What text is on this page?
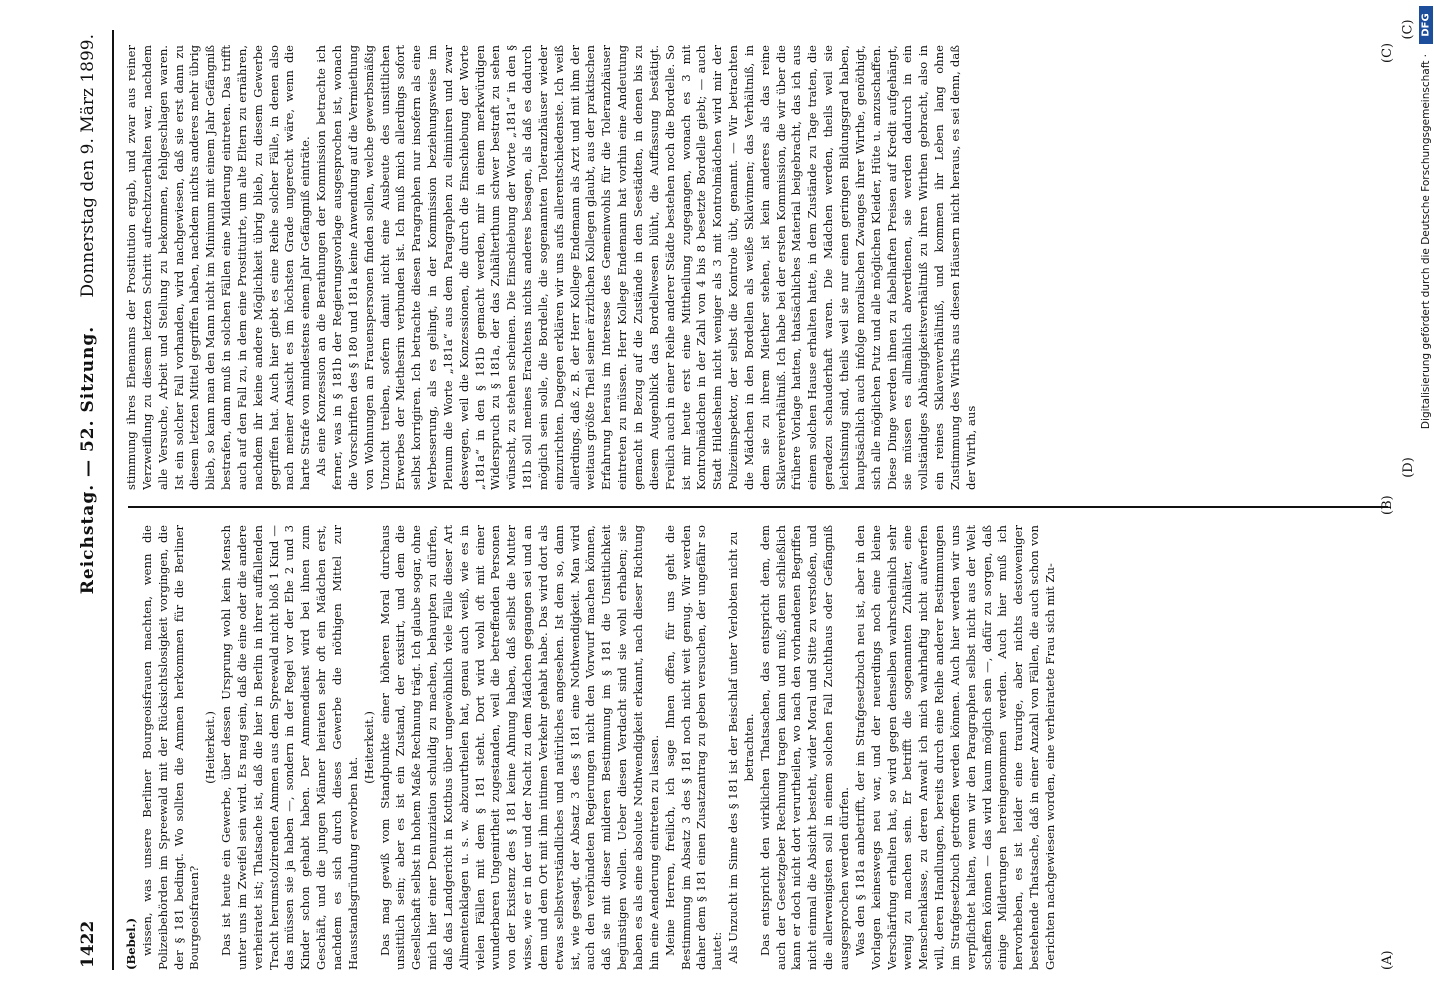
1422
Reichstag. — 52. Sitzung.
Donnerstag den 9. März 1899.

(Bebel.) wissen, was unsere Berliner Bourgeoisfrauen machten, wenn die Polizeibehörden im Spreewald mit der Rücksichtslosigkeit vorgingen, die der § 181 bedingt. Wo sollten die Ammen herkommen für die Berliner Bourgeoisfrauen?

(Heiterkeit.) Das ist heute ein Gewerbe, über dessen Ursprung wohl kein Mensch unter uns im Zweifel sein wird. Es mag sein, daß die eine oder die andere verheiratet ist; Thatsache ist, daß die hier in Berlin in ihrer auffallenden Tracht herumstolzirenden Ammen aus dem Spreewald nicht bloß 1 Kind — das müssen sie ja haben —, sondern in der Regel vor der Ehe 2 und 3 Kinder schon gehabt haben. Der Ammendienst wird bei ihnen zum Geschäft, und die jungen Männer heiraten sehr oft ein Mädchen erst, nachdem es sich durch dieses Gewerbe die nöthigen Mittel zur Hausstandsgründung erworben hat.

(Heiterkeit.) Das mag gewiß vom Standpunkte einer höheren Moral durchaus unsittlich sein; aber es ist ein Zustand, der existirt, und dem die Gesellschaft selbst in hohem Maße Rechnung trägt. Ich glaube sogar, ohne mich hier einer Denunziation schuldig zu machen, behaupten zu dürfen, daß das Landgericht in Kottbus über ungewöhnlich viele Fälle dieser Art Alimentenklagen u. s. w. abzuurtheilen hat, genau auch weiß, wie es in vielen Fällen mit dem § 181 steht. Dort wird wohl oft mit einer wunderbaren Ungenirtheit zugestanden, weil die betreffenden Personen von der Existenz des § 181 keine Ahnung haben, daß selbst die Mutter wisse, wie er in der und der Nacht zu dem Mädchen gegangen sei und an dem und dem Ort mit ihm intimen Verkehr gehabt habe. Das wird dort als etwas selbstverständliches und natürliches angesehen. Ist dem so, dann ist, wie gesagt, der Absatz 3 des § 181 eine Nothwendigkeit. Man wird auch den verbündeten Regierungen nicht den Vorwurf machen können, daß sie mit dieser milderen Bestimmung im § 181 die Unsittlichkeit begünstigen wollen. Ueber diesen Verdacht sind sie wohl erhaben; sie haben es als eine absolute Nothwendigkeit erkannt, nach dieser Richtung hin eine Aenderung eintreten zu lassen. Meine Herren, freilich, ich sage Ihnen offen, für uns geht die Bestimmung im Absatz 3 des § 181 noch nicht weit genug. Wir werden daher dem § 181 einen Zusatzantrag zu geben versuchen, der ungefähr so lautet: Als Unzucht im Sinne des § 181 ist der Beischlaf unter Verlobten nicht zu betrachten. Das entspricht den wirklichen Thatsachen, das entspricht dem, dem auch der Gesetzgeber Rechnung tragen kann und muß; denn schließlich kann er doch nicht dort verurtheilen, wo nach den vorhandenen Begriffen nicht einmal die Absicht besteht, wider Moral und Sitte zu verstoßen, und die allerwenigsten soll in einem solchen Fall Zuchthaus oder Gefängniß ausgesprochen werden dürfen. Was den § 181a anbetrifft, der im Strafgesetzbuch neu ist, aber in den Vorlagen keineswegs neu war, und der neuerdings noch eine kleine Verschärfung erhalten hat, so wird gegen denselben wahrscheinlich sehr wenig zu machen sein. Er betrifft die sogenannten Zuhälter, eine Menschenklasse, zu deren Anwalt ich mich wahrhaftig nicht aufwerfen will, deren Handlungen, bereits durch eine Reihe anderer Bestimmungen im Strafgesetzbuch getroffen werden können. Auch hier werden wir uns verpflichtet halten, wenn wir den Paragraphen selbst nicht aus der Welt schaffen können — das wird kaum möglich sein —, dafür zu sorgen, daß einige Milderungen hereingenommen werden. Auch hier muß ich hervorheben, es ist leider eine traurige, aber nichts destoweniger bestehende Thatsache, daß in einer Anzahl von Fällen, die auch schon von Gerichten nachgewiesen worden, eine verheiratete Frau sich mit Zu-

stimmung ihres Ehemanns der Prostitution ergab, und zwar aus reiner Verzweiflung zu diesem letzten Schritt aufrechtzuerhalten war, nachdem alle Versuche, Arbeit und Stellung zu bekommen, fehlgeschlagen waren. Ist ein solcher Fall vorhanden, wird nachgewiesen, daß sie erst dann zu diesem letzten Mittel gegriffen haben, nachdem nichts anderes mehr übrig blieb, so kann man den Mann nicht im Minimum mit einem Jahr Gefängniß bestrafen, dann muß in solchen Fällen eine Milderung eintreten. Das trifft auch auf den Fall zu, in dem eine Prostituirte, um alte Eltern zu ernähren, nachdem ihr keine andere Möglichkeit übrig blieb, zu diesem Gewerbe gegriffen hat. Auch hier giebt es eine Reihe solcher Fälle, in denen also nach meiner Ansicht es im höchsten Grade ungerecht wäre, wenn die harte Strafe von mindestens einem Jahr Gefängniß einträte. Als eine Konzession an die Berathungen der Kommission betrachte ich ferner, was in § 181b der Regierungsvorlage ausgesprochen ist, wonach die Vorschriften des § 180 und 181a keine Anwendung auf die Vermiethung von Wohnungen an Frauenspersonen finden sollen, welche gewerbsmäßig Unzucht treiben, sofern damit nicht eine Ausbeute des unsittlichen Erwerbes der Miethesrin verbunden ist. Ich muß mich allerdings sofort selbst korrigiren. Ich betrachte diesen Paragraphen nur insofern als eine Verbesserung, als es gelingt, in der Kommission beziehungsweise im Plenum die Worte „181a“ aus dem Paragraphen zu eliminiren und zwar deswegen, weil die Konzessionen, die durch die Einschiebung der Worte „181a“ in den § 181b gemacht werden, mir in einem merkwürdigen Widerspruch zu § 181a, der das Zuhälterthum schwer bestraft zu sehen wünscht, zu stehen scheinen. Die Einschiebung der Worte „181a“ in den § 181b soll meines Erachtens nichts anderes besagen, als daß es dadurch möglich sein solle, die Bordelle, die sogenannten Toleranzhäuser wieder einzurichten. Dagegen erklären wir uns aufs allerentschiedenste. Ich weiß allerdings, daß z. B. der Herr Kollege Endemann als Arzt und mit ihm der weitaus größte Theil seiner ärztlichen Kollegen glaubt, aus der praktischen Erfahrung heraus im Interesse des Gemeinwohls für die Toleranzhäuser eintreten zu müssen. Herr Kollege Endemann hat vorhin eine Andeutung gemacht in Bezug auf die Zustände in den Seestädten, in denen bis zu diesem Augenblick das Bordellwesen blüht, die Auffassung bestätigt. Freilich auch in einer Reihe anderer Städte bestehen noch die Bordelle. So ist mir heute erst eine Mittheilung zugegangen, wonach es 3 mit Kontrolmädchen in der Zahl von 4 bis 8 besetzte Bordelle giebt; — auch Stadt Hildesheim nicht weniger als 3 mit Kontrolmädchen wird mir der Polizeiinspektor, der selbst die Kontrole übt, genannt. — Wir betrachten die Mädchen in den Bordellen als weiße Sklavinnen; das Verhältniß, in dem sie zu ihrem Miether stehen, ist kein anderes als das reine Sklavereiverhältniß. Ich habe bei der ersten Kommission, die wir über die frühere Vorlage hatten, thatsächliches Material beigebracht, das ich aus einem solchen Hause erhalten hatte, in dem Zustände zu Tage traten, die geradezu schauderhaft waren. Die Mädchen werden, theils weil sie leichtsinnig sind, theils weil sie nur einen geringen Bildungsgrad haben, hauptsächlich auch infolge moralischen Zwanges ihrer Wirthe, genöthigt, sich alle möglichen Putz und alle möglichen Kleider, Hüte u. anzuschaffen. Diese Dinge werden ihnen zu fabelhaften Preisen auf Kredit aufgehängt, sie müssen es allmählich abverdienen, sie werden dadurch in ein vollständiges Abhängigkeitsverhältniß zu ihren Wirthen gebracht, also in ein reines Sklavenverhältniß, und kommen ihr Leben lang ohne Zustimmung des Wirths aus diesen Häusern nicht heraus, es sei denn, daß der Wirth, aus

(A)
(B)
(C)
(C)
(D)
DFG
Digitalisierung gefördert durch die Deutsche Forschungsgemeinschaft ·
